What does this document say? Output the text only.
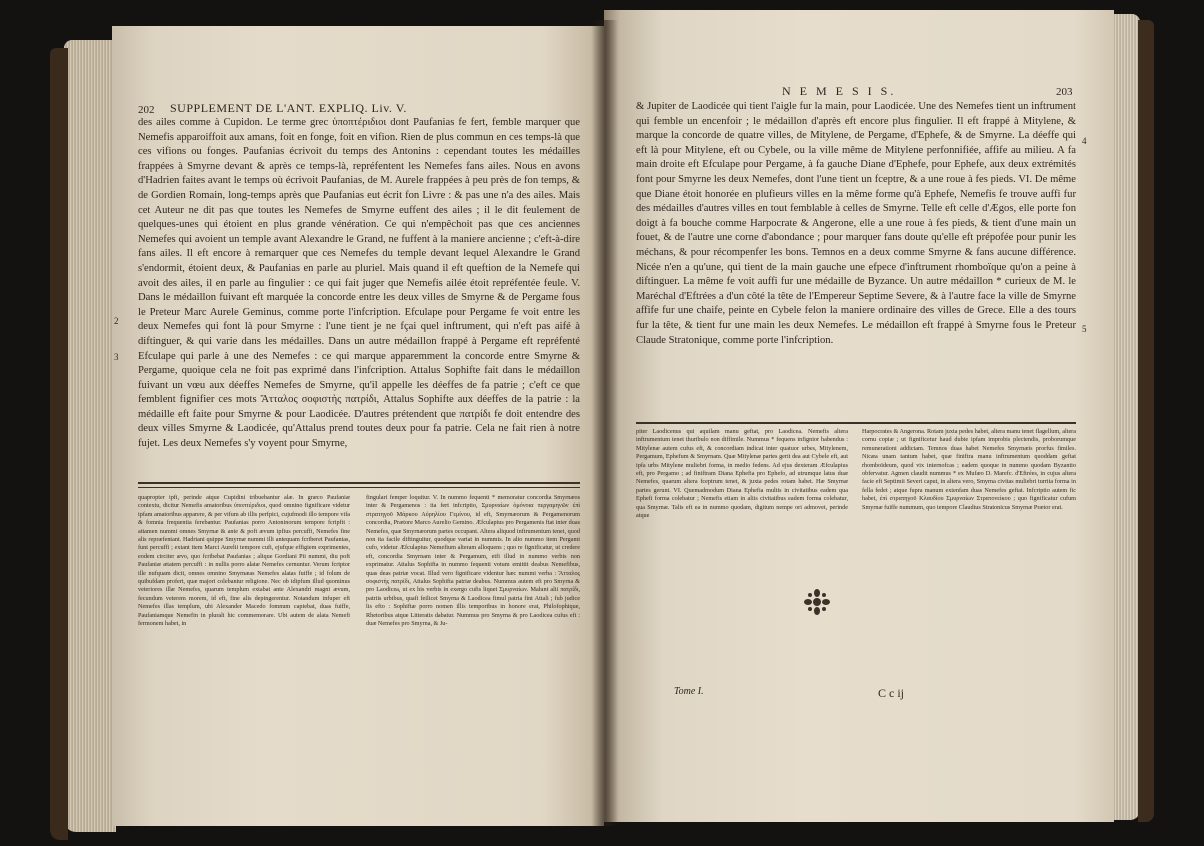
202 SUPPLEMENT DE L'ANT. EXPLIQ. Liv. V.
2
3

des ailes comme à Cupidon. Le terme grec ὑποπτέριδιοι dont Paufanias fe fert, femble marquer que Nemefis apparoiffoit aux amans, foit en fonge, foit en vifion. Rien de plus commun en ces temps-là que ces vifions ou fonges. Paufanias écrivoit du temps des Antonins : cependant toutes les médailles frappées à Smyrne devant & après ce temps-là, repréfentent les Nemefes fans ailes. Nous en avons d'Hadrien faites avant le temps où écrivoit Paufanias, de M. Aurele frappées à peu près de fon temps, & de Gordien Romain, long-temps après que Paufanias eut écrit fon Livre : & pas une n'a des ailes. Mais cet Auteur ne dit pas que toutes les Nemefes de Smyrne euffent des ailes ; il le dit feulement de quelques-unes qui étoient en plus grande vénération. Ce qui n'empêchoit pas que ces anciennes Nemefes qui avoient un temple avant Alexandre le Grand, ne fuffent à la maniere ancienne ; c'eft-à-dire fans ailes. Il eft encore à remarquer que ces Nemefes du temple devant lequel Alexandre le Grand s'endormit, étoient deux, & Paufanias en parle au pluriel. Mais quand il eft queftion de la Nemefe qui avoit des ailes, il en parle au fingulier : ce qui fait juger que Nemefis ailée étoit repréfentée feule. V. Dans le médaillon fuivant eft marquée la concorde entre les deux villes de Smyrne & de Pergame fous le Preteur Marc Aurele Geminus, comme porte l'infcription. Efculape pour Pergame fe voit entre les deux Nemefes qui font là pour Smyrne : l'une tient je ne fçai quel inftrument, qui n'eft pas aifé à diftinguer, & qui varie dans les médailles. Dans un autre médaillon frappé à Pergame eft repréfenté Efculape qui parle à une des Nemefes : ce qui marque apparemment la concorde entre Smyrne & Pergame, quoique cela ne foit pas exprimé dans l'infcription. Attalus Sophifte fait dans le médaillon fuivant un vœu aux déeffes Nemefes de Smyrne, qu'il appelle les déeffes de fa patrie ; c'eft ce que femblent fignifier ces mots Ἄτταλος σοφιστὴς πατρίδι, Attalus Sophifte aux déeffes de la patrie : la médaille eft faite pour Smyrne & pour Laodicée. D'autres prétendent que πατρίδι fe doit entendre des deux villes Smyrne & Laodicée, qu'Attalus prend toutes deux pour fa patrie. Cela ne fait rien à notre fujet. Les deux Nemefes s'y voyent pour Smyrne,

quapropter ipfi, perinde atque Cupidini tribuebantur alæ. In græco Paufaniæ contextu, dicitur Nemefis amatoribus ὑποπτέριδιοι, quod omnino fignificare videtur ipfam amatoribus apparere, & per vifum ab illis perfpici, cujufmodi illo tempore vifa & fomnia frequentia ferebantur. Paufanias porro Antoninorum tempore fcripfit : attamen nummi omnes Smyrnæ & ante & poft ævum ipfius percuffi, Nemefes fine alis repræfentant. Hadriani quippe Smyrnæ nummi illi antequam fcriberet Paufanias, funt percuffi ; extant item Marci Aurelii tempore cufi, ejufque effigiem exprimentes, eodem circiter ævo, quo fcribebat Paufanias ; alique Gordiani Pii nummi, diu poft Paufaniæ ætatem percuffi : in nullis porro alatæ Nemefes cernuntur. Verum fcriptor ille nufquam dicit, omnes omnino Smyrnæas Nemefes alatas fuiffe ; id folum de quibufdam profert, quæ majori colebantur religione. Nec ob idipfum illud quominus veteriores illæ Nemefes, quarum templum extabat ante Alexandri magni ævum, fecundum veterem morem, id eft, fine alis depingerentur. Notandum infuper eft Nemefes illas templum, ubi Alexander Macedo fomnum capiebat, duas fuiffe, Paufaniamque Nemefin in plurali hic commemorare. Ubi autem de alata Nemefi fermonem habet, in

fingulari femper loquitur. V. In nummo fequenti * memoratur concordia Smyrnæos inter & Pergamenos : ita fert infcriptio, Σμυρναίων ὁμόνοια περγαμηνῶν ἐπὶ στρατηγοῦ Μάρκου Αὐρηλίου Γεμίνου, id eft, Smyrnæorum & Pergamenorum concordia, Prætore Marco Aurelio Gemino. Æfculapius pro Pergamenis ftat inter duas Nemefes, quæ Smyrnæorum partes occupant. Altera aliquod inftrumentum tenet, quod non ita facile diftinguitur, quodque variat in nummis. In alio nummo item Pergami cufo, videtur Æfculapius Nemefium alteram alloquens ; quo re fignificatur, ut credere eft, concordia Smyrnam inter & Pergamum, etfi illud in nummo verbis non exprimatur. Attalus Sophifta in nummo fequenti votum emittit deabus Nemefibus, quas deas patriæ vocat. Illud vero fignificare videntur hæc nummi verba : Ἄτταλος σοφιστὴς πατρίδι, Attalus Sophifta patriæ deabus. Nummus autem eft pro Smyrna & pro Laodicea, ut ex his verbis in exergo cufis liquet Σμυρναίων. Malunt alii πατρίδι, patriis urbibus, quafi feilicet Smyrna & Laodicea fimul patria fint Attali ; fub judice lis efto : Sophiftæ porro nomen illis temporibus in honore erat, Philofophique, Rhetoribus atque Litteratis dabatur. Nummus pro Smyrna & pro Laodicea cufus eft : duæ Nemefes pro Smyrna, & Ju-

N E M E S I S.	203
4
5

& Jupiter de Laodicée qui tient l'aigle fur la main, pour Laodicée. Une des Nemefes tient un inftrument qui femble un encenfoir ; le médaillon d'après eft encore plus fingulier. Il eft frappé à Mitylene, & marque la concorde de quatre villes, de Mitylene, de Pergame, d'Ephefe, & de Smyrne. La déeffe qui eft là pour Mitylene, eft ou Cybele, ou la ville même de Mitylene perfonnifiée, affife au milieu. A fa main droite eft Efculape pour Pergame, à fa gauche Diane d'Ephefe, pour Ephefe, aux deux extrémités font pour Smyrne les deux Nemefes, dont l'une tient un fceptre, & a une roue à fes pieds. VI. De même que Diane étoit honorée en plufieurs villes en la même forme qu'à Ephefe, Nemefis fe trouve auffi fur des médailles d'autres villes en tout femblable à celles de Smyrne. Telle eft celle d'Ægos, elle porte fon doigt à fa bouche comme Harpocrate & Angerone, elle a une roue à fes pieds, & tient d'une main un fouet, & de l'autre une corne d'abondance ; pour marquer fans doute qu'elle eft prépofée pour punir les méchans, & pour récompenfer les bons. Temnos en a deux comme Smyrne & fans aucune différence. Nicée n'en a qu'une, qui tient de la main gauche une efpece d'inftrument rhomboïque qu'on a peine à diftinguer. La même fe voit auffi fur une médaille de Byzance. Un autre médaillon * curieux de M. le Maréchal d'Eftrées a d'un côté la tête de l'Empereur Septime Severe, & à l'autre face la ville de Smyrne affife fur une chaife, peinte en Cybele felon la maniere ordinaire des villes de Grece. Elle a des tours fur la tête, & tient fur une main les deux Nemefes. Le médaillon eft frappé à Smyrne fous le Preteur Claude Stratonique, comme porte l'infcription.

piter Laodicenus qui aquilam manu geftat, pro Laodicea. Nemefis altera inftrumentum tenet thuribulo non diffimile. Nummus * fequens infignior habendus : Mitylenæ autem cufus eft, & concordiam indicat inter quatuor urbes, Mitylenem, Pergamum, Ephefum & Smyrnam. Quæ Mitylenæ partes gerit dea aut Cybele eft, aut ipfa urbs Mitylene muliebri forma, in medio fedens. Ad ejus dexteram Æfculapius eft, pro Pergamo ; ad finiftram Diana Ephefia pro Ephefo, ad utrumque latus duæ Nemefes, quarum altera fceptrum tenet, & juxta pedes rotam habet. Hæ Smyrnæ partes gerunt. VI. Quemadmodum Diana Ephefia multis in civitatibus eadem qua Ephefi forma colebatur ; Nemefis etiam in aliis civitatibus eadem forma colebatur, qua Smyrnæ. Talis eft ea in nummo quodam, digitum nempe ori admovet, perinde atque

Harpocrates & Angerona. Rotam juxta pedes habet, altera manu tenet flagellum, altera cornu copiæ ; ut fignificetur haud dubie ipfam improbis plectendis, proborumque remunerationi addictam. Temnos duas habet Nemefes Smyrnæis prorfus fimiles. Nicæa unam tantum habet, quæ finiftra manu inftrumentum quoddam geftat rhomboïdeum, quod vix internofcas ; eadem quoque in nummo quodam Byzantio obfervatur. Agmen claudit nummus * ex Mufæo D. Marefc. d'Eftrées, in cujus altera facie eft Septimii Severi caput, in altera vero, Smyrna civitas muliebri turrita forma in fella fedet ; atque fupra manum extenfam duas Nemefes geftat. Infcriptio autem fic habet, ἐπὶ στρατηγοῦ Κλαυδίου Σμυρναίων Στρατονείκου ; quo fignificatur cufum Smyrnæ fuiffe nummum, quo tempore Claudius Stratonicus Smyrnæ Prætor erat.

Tome I.	C c ij
